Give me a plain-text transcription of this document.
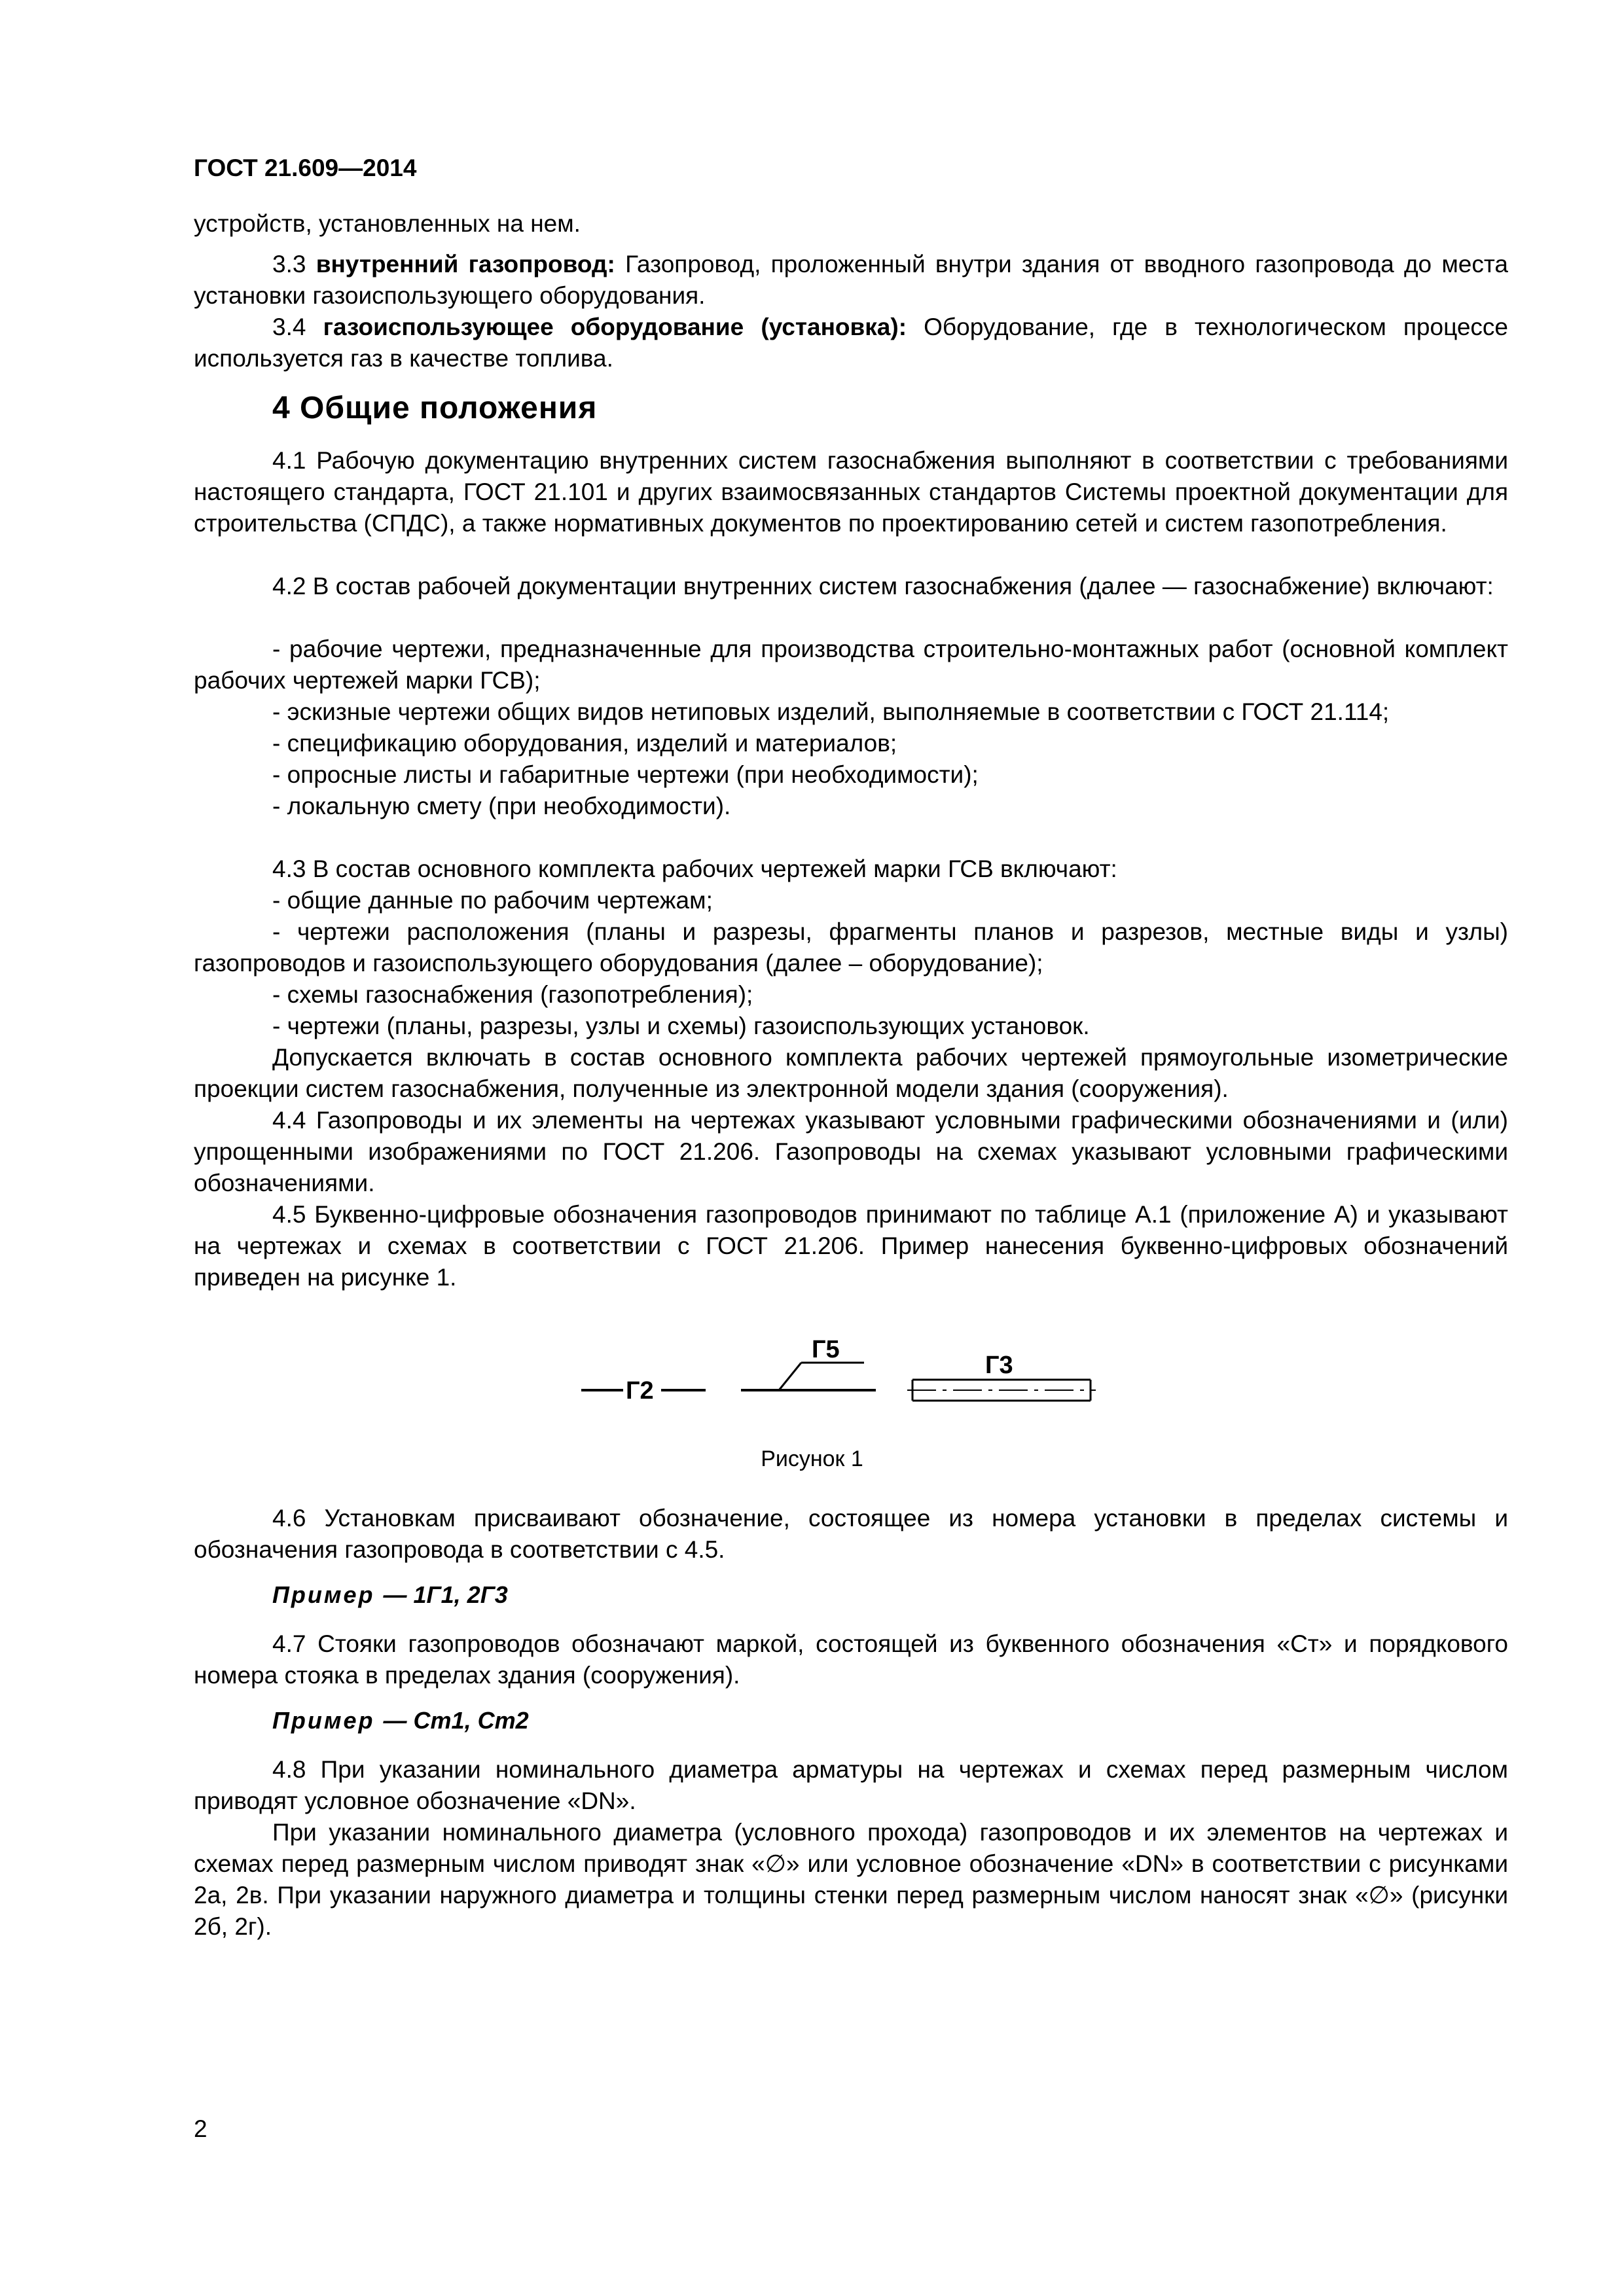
ГОСТ 21.609—2014
устройств, установленных на нем.
3.3 внутренний газопровод: Газопровод, проложенный внутри здания от вводного газопровода до места установки газоиспользующего оборудования.
3.4 газоиспользующее оборудование (установка): Оборудование, где в технологическом процессе используется газ в качестве топлива.
4 Общие положения
4.1 Рабочую документацию внутренних систем газоснабжения выполняют в соответствии с требованиями настоящего стандарта, ГОСТ 21.101 и других взаимосвязанных стандартов Системы проектной документации для строительства (СПДС), а также нормативных документов по проектированию сетей и систем газопотребления.
4.2 В состав рабочей документации внутренних систем газоснабжения (далее — газоснабжение) включают:
- рабочие чертежи, предназначенные для производства строительно-монтажных работ (основной комплект рабочих чертежей марки ГСВ);
- эскизные чертежи общих видов нетиповых изделий, выполняемые в соответствии с ГОСТ 21.114;
- спецификацию оборудования, изделий и материалов;
- опросные листы и габаритные чертежи (при необходимости);
- локальную смету (при необходимости).
4.3 В состав основного комплекта рабочих чертежей марки ГСВ включают:
- общие данные по рабочим чертежам;
- чертежи расположения (планы и разрезы, фрагменты планов и разрезов, местные виды и узлы) газопроводов и газоиспользующего оборудования (далее – оборудование);
- схемы газоснабжения (газопотребления);
- чертежи (планы, разрезы, узлы и схемы) газоиспользующих установок.
Допускается включать в состав основного комплекта рабочих чертежей прямоугольные изометрические проекции систем газоснабжения, полученные из электронной модели здания (сооружения).
4.4 Газопроводы и их элементы на чертежах указывают условными графическими обозначениями и (или) упрощенными изображениями по ГОСТ 21.206. Газопроводы на схемах указывают условными графическими обозначениями.
4.5 Буквенно-цифровые обозначения газопроводов принимают по таблице А.1 (приложение А) и указывают на чертежах и схемах в соответствии с ГОСТ 21.206. Пример нанесения буквенно-цифровых обозначений приведен на рисунке 1.
Г2
Г5
Г3
Рисунок 1
4.6 Установкам присваивают обозначение, состоящее из номера установки в пределах системы и обозначения газопровода в соответствии с 4.5.
Пример — 1Г1, 2Г3
4.7 Стояки газопроводов обозначают маркой, состоящей из буквенного обозначения «Ст» и порядкового номера стояка в пределах здания (сооружения).
Пример — Ст1, Ст2
4.8 При указании номинального диаметра арматуры на чертежах и схемах перед размерным числом приводят условное обозначение «DN».
При указании номинального диаметра (условного прохода) газопроводов и их элементов на чертежах и схемах перед размерным числом приводят знак «∅» или условное обозначение «DN» в соответствии с рисунками 2а, 2в. При указании наружного диаметра и толщины стенки перед размерным числом наносят знак «∅» (рисунки 2б, 2г).
2
